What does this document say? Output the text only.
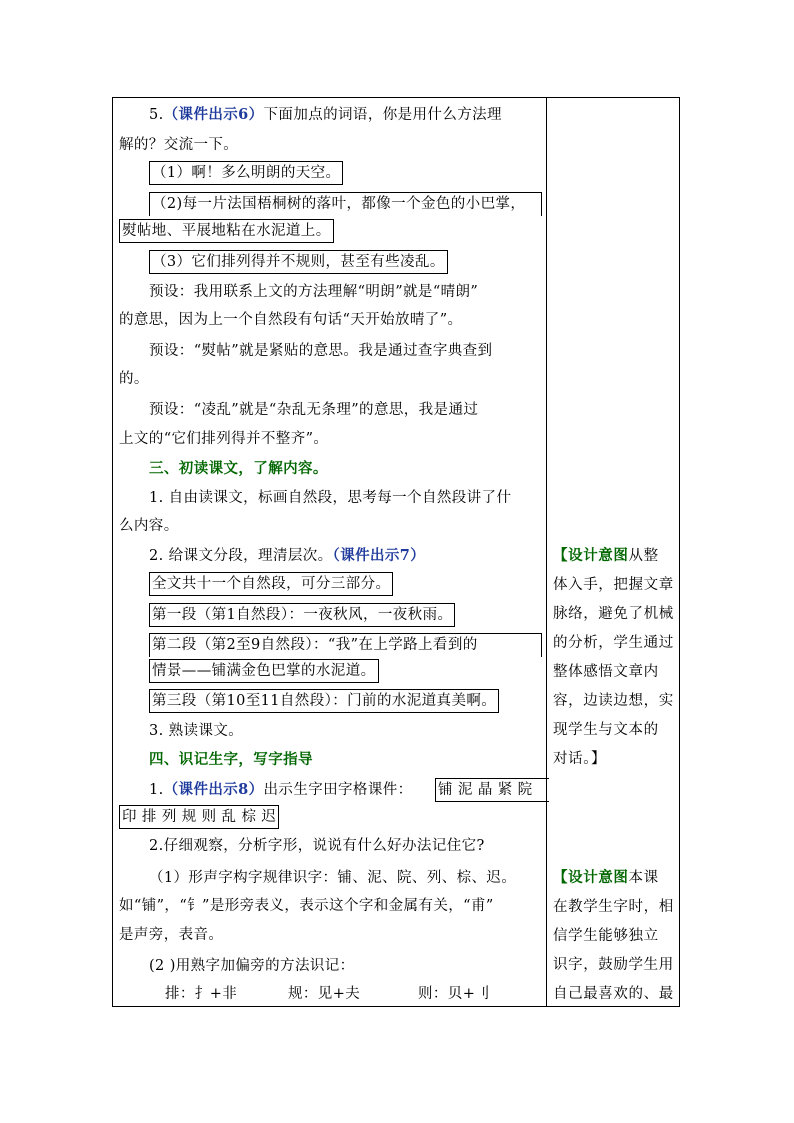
5.（课件出示6）下面加点的词语，你是用什么方法理
解的？交流一下。
（1）啊！多么明朗的天空。
（2)每一片法国梧桐树的落叶，都像一个金色的小巴掌，
熨帖地、平展地粘在水泥道上。
（3）它们排列得并不规则，甚至有些凌乱。
预设：我用联系上文的方法理解“明朗”就是“晴朗”
的意思，因为上一个自然段有句话“天开始放晴了”。
预设：“熨帖”就是紧贴的意思。我是通过查字典查到
的。
预设：“凌乱”就是“杂乱无条理”的意思，我是通过
上文的“它们排列得并不整齐”。
三、初读课文，了解内容。
1. 自由读课文，标画自然段，思考每一个自然段讲了什
么内容。
2. 给课文分段，理清层次。（课件出示7）
全文共十一个自然段，可分三部分。
第一段（第1自然段）：一夜秋风，一夜秋雨。
第二段（第2至9自然段）：“我”在上学路上看到的
情景——铺满金色巴掌的水泥道。
第三段（第10至11自然段）：门前的水泥道真美啊。
3. 熟读课文。
四、识记生字，写字指导
1.（课件出示8）出示生字田字格课件： 铺 泥 晶 紧 院
印 排 列 规 则 乱 棕 迟
2.仔细观察，分析字形，说说有什么好办法记住它?
（1）形声字构字规律识字：铺、泥、院、列、棕、迟。
如“铺”，“钅”是形旁表义，表示这个字和金属有关，“甫”
是声旁，表音。
(2 )用熟字加偏旁的方法识记：
排：扌+非	规：见+夫	则：贝+刂
【设计意图从整
体入手，把握文章
脉络，避免了机械
的分析，学生通过
整体感悟文章内
容，边读边想，实
现学生与文本的
对话。】
【设计意图本课
在教学生字时，相
信学生能够独立
识字，鼓励学生用
自己最喜欢的、最
